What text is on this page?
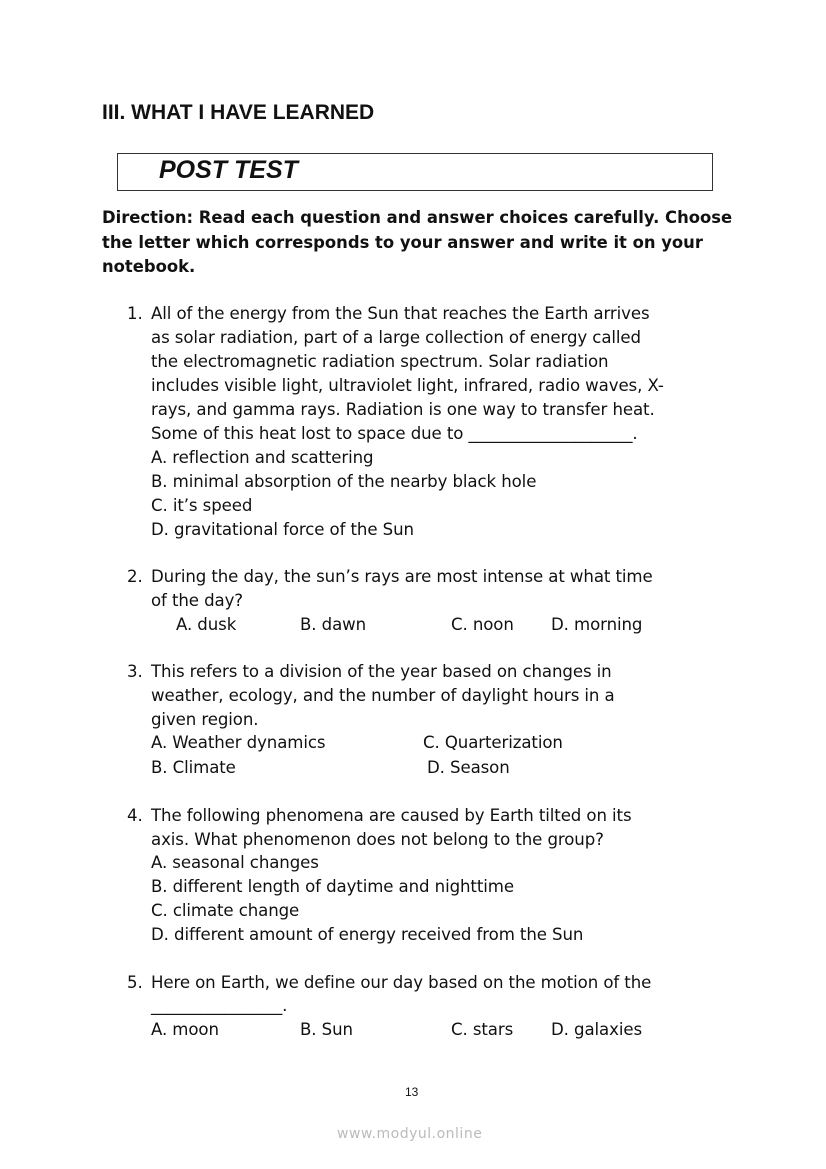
III. WHAT I HAVE LEARNED
POST TEST
Direction: Read each question and answer choices carefully. Choose the letter which corresponds to your answer and write it on your notebook.
1. All of the energy from the Sun that reaches the Earth arrives
as solar radiation, part of a large collection of energy called
the electromagnetic radiation spectrum. Solar radiation
includes visible light, ultraviolet light, infrared, radio waves, X-
rays, and gamma rays. Radiation is one way to transfer heat.
Some of this heat lost to space due to ____________________.
A. reflection and scattering
B. minimal absorption of the nearby black hole
C. it’s speed
D. gravitational force of the Sun
2. During the day, the sun’s rays are most intense at what time
of the day?
A. dusk	B. dawn	C. noon D. morning
3. This refers to a division of the year based on changes in
weather, ecology, and the number of daylight hours in a
given region.
A. Weather dynamics	C. Quarterization
B. Climate	D. Season
4. The following phenomena are caused by Earth tilted on its
axis. What phenomenon does not belong to the group?
A. seasonal changes
B. different length of daytime and nighttime
C. climate change
D. different amount of energy received from the Sun
5. Here on Earth, we define our day based on the motion of the
________________.
A. moon	B. Sun	C. stars D. galaxies
13
www.modyul.online
